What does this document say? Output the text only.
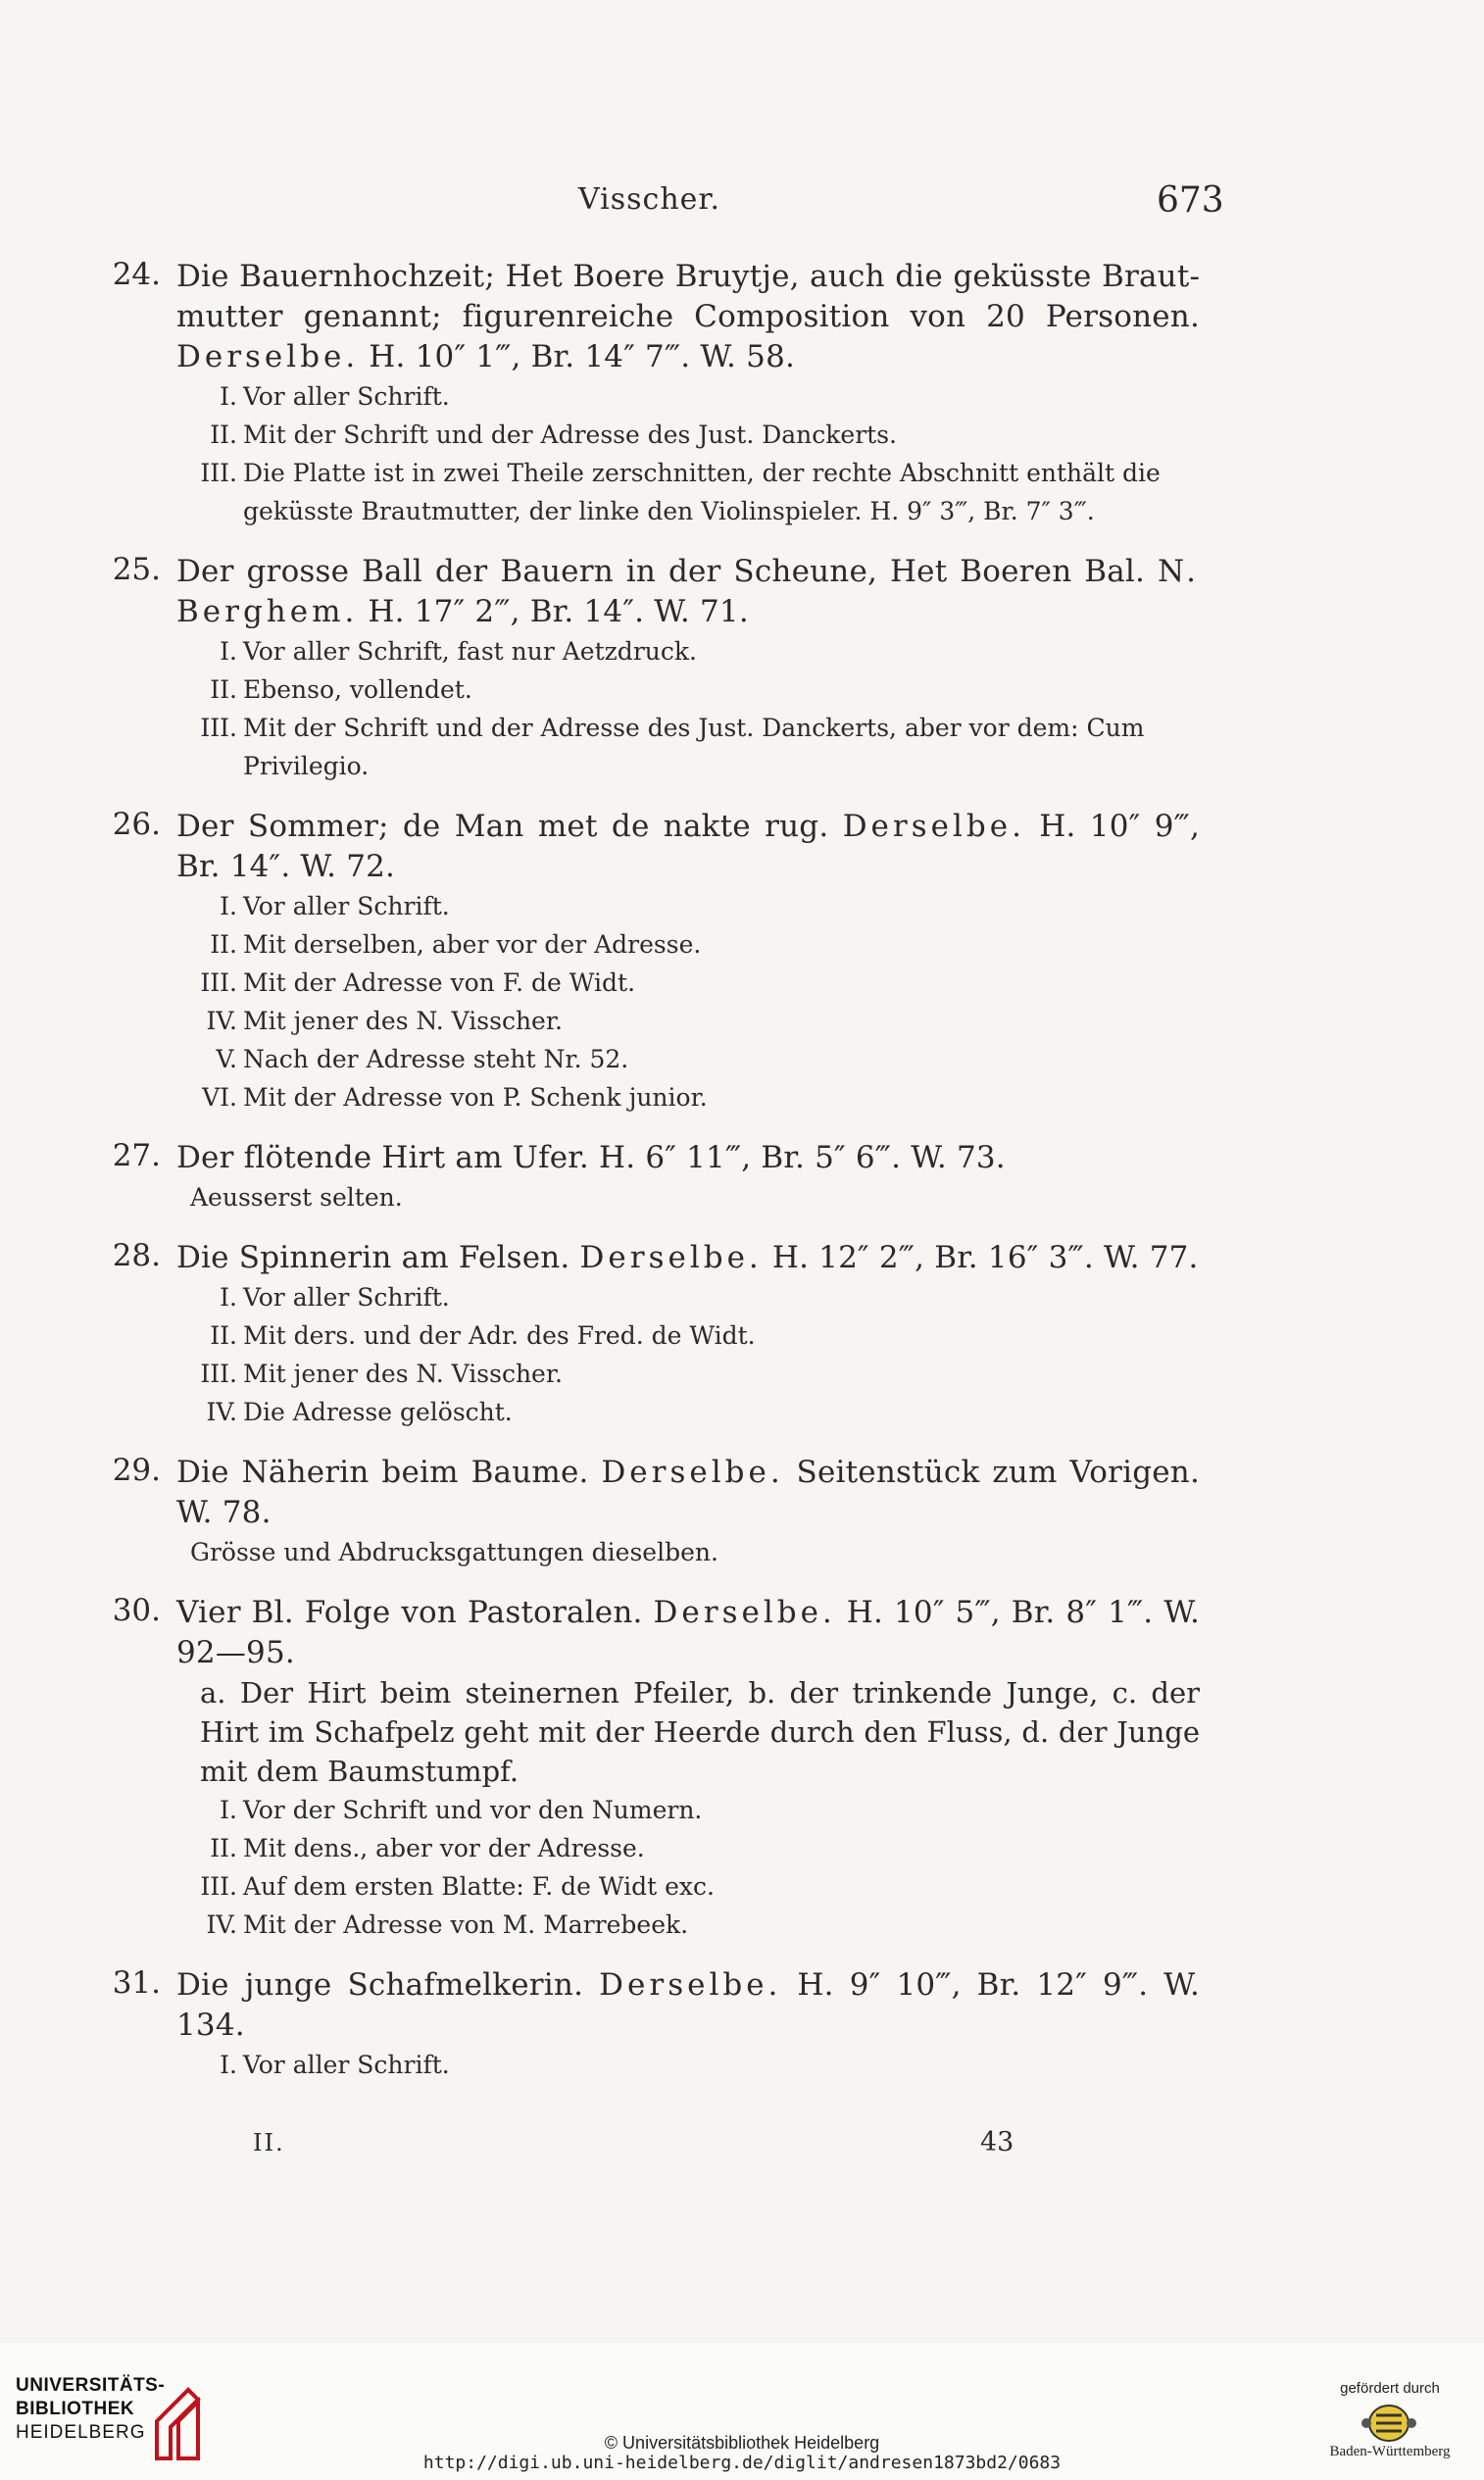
Visscher.	673
24. Die Bauernhochzeit; Het Boere Bruytje, auch die geküsste Brautmutter genannt; figurenreiche Composition von 20 Personen. Derselbe. H. 10″ 1‴, Br. 14″ 7‴. W. 58.
I. Vor aller Schrift.
II. Mit der Schrift und der Adresse des Just. Danckerts.
III. Die Platte ist in zwei Theile zerschnitten, der rechte Abschnitt enthält die geküsste Brautmutter, der linke den Violinspieler. H. 9″ 3‴, Br. 7″ 3‴.
25. Der grosse Ball der Bauern in der Scheune, Het Boeren Bal. N. Berghem. H. 17″ 2‴, Br. 14″. W. 71.
I. Vor aller Schrift, fast nur Aetzdruck.
II. Ebenso, vollendet.
III. Mit der Schrift und der Adresse des Just. Danckerts, aber vor dem: Cum Privilegio.
26. Der Sommer; de Man met de nakte rug. Derselbe. H. 10″ 9‴, Br. 14″. W. 72.
I. Vor aller Schrift.
II. Mit derselben, aber vor der Adresse.
III. Mit der Adresse von F. de Widt.
IV. Mit jener des N. Visscher.
V. Nach der Adresse steht Nr. 52.
VI. Mit der Adresse von P. Schenk junior.
27. Der flötende Hirt am Ufer. H. 6″ 11‴, Br. 5″ 6‴. W. 73.
Aeusserst selten.
28. Die Spinnerin am Felsen. Derselbe. H. 12″ 2‴, Br. 16″ 3‴. W. 77.
I. Vor aller Schrift.
II. Mit ders. und der Adr. des Fred. de Widt.
III. Mit jener des N. Visscher.
IV. Die Adresse gelöscht.
29. Die Näherin beim Baume. Derselbe. Seitenstück zum Vorigen. W. 78.
Grösse und Abdrucksgattungen dieselben.
30. Vier Bl. Folge von Pastoralen. Derselbe. H. 10″ 5‴, Br. 8″ 1‴. W. 92—95.
a. Der Hirt beim steinernen Pfeiler, b. der trinkende Junge, c. der Hirt im Schafpelz geht mit der Heerde durch den Fluss, d. der Junge mit dem Baumstumpf.
I. Vor der Schrift und vor den Numern.
II. Mit dens., aber vor der Adresse.
III. Auf dem ersten Blatte: F. de Widt exc.
IV. Mit der Adresse von M. Marrebeek.
31. Die junge Schafmelkerin. Derselbe. H. 9″ 10‴, Br. 12″ 9‴. W. 134.
I. Vor aller Schrift.
II.	43
UNIVERSITÄTS-
BIBLIOTHEK
HEIDELBERG	© Universitätsbibliothek Heidelberg
http://digi.ub.uni-heidelberg.de/diglit/andresen1873bd2/0683
gefördert durch
Baden-Württemberg
